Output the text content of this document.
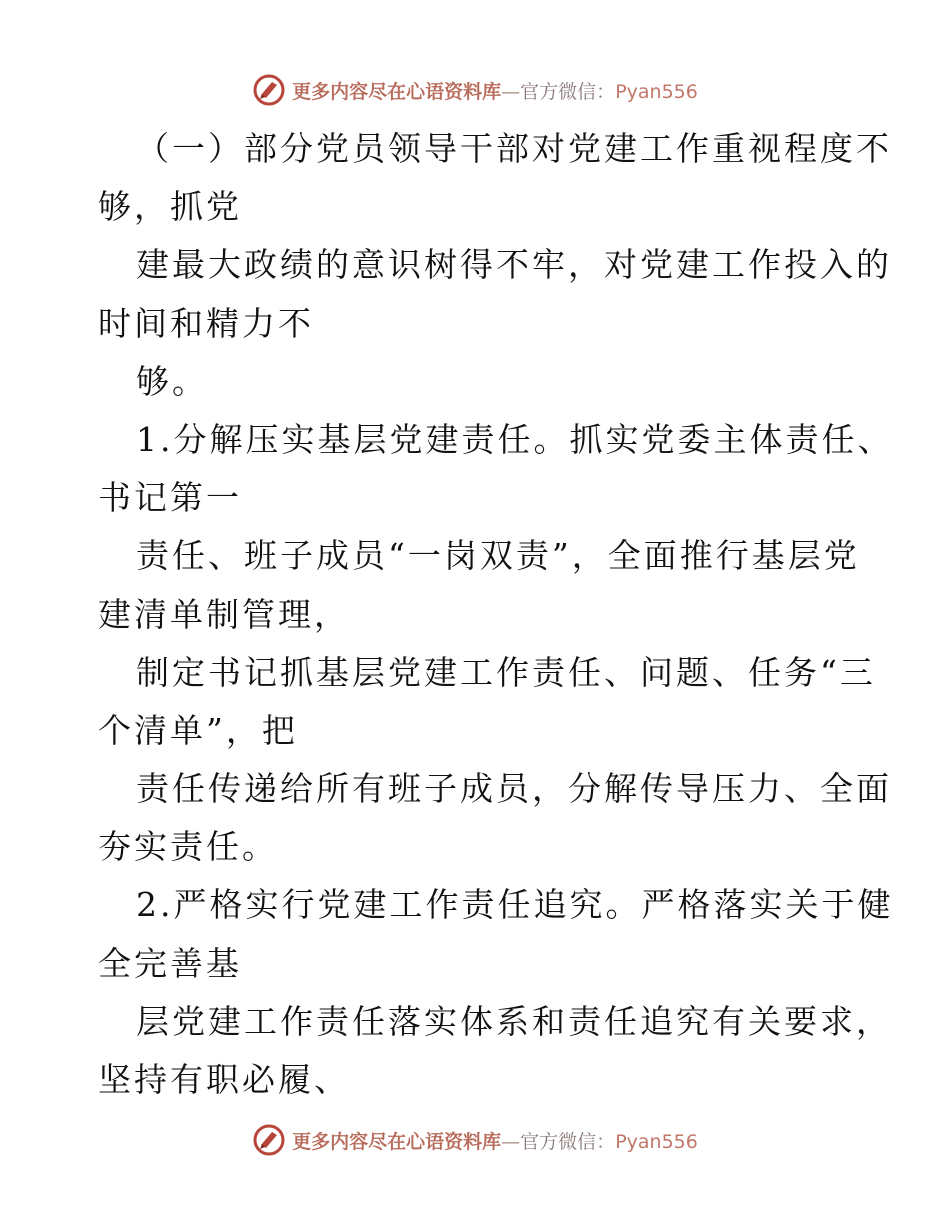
更多内容尽在心语资料库—官方微信：Pyan556
（一）部分党员领导干部对党建工作重视程度不
够，抓党
建最大政绩的意识树得不牢，对党建工作投入的
时间和精力不
够。
1.分解压实基层党建责任。抓实党委主体责任、
书记第一
责任、班子成员“一岗双责”，全面推行基层党
建清单制管理，
制定书记抓基层党建工作责任、问题、任务“三
个清单”，把
责任传递给所有班子成员，分解传导压力、全面
夯实责任。
2.严格实行党建工作责任追究。严格落实关于健
全完善基
层党建工作责任落实体系和责任追究有关要求，
坚持有职必履、
更多内容尽在心语资料库—官方微信：Pyan556
